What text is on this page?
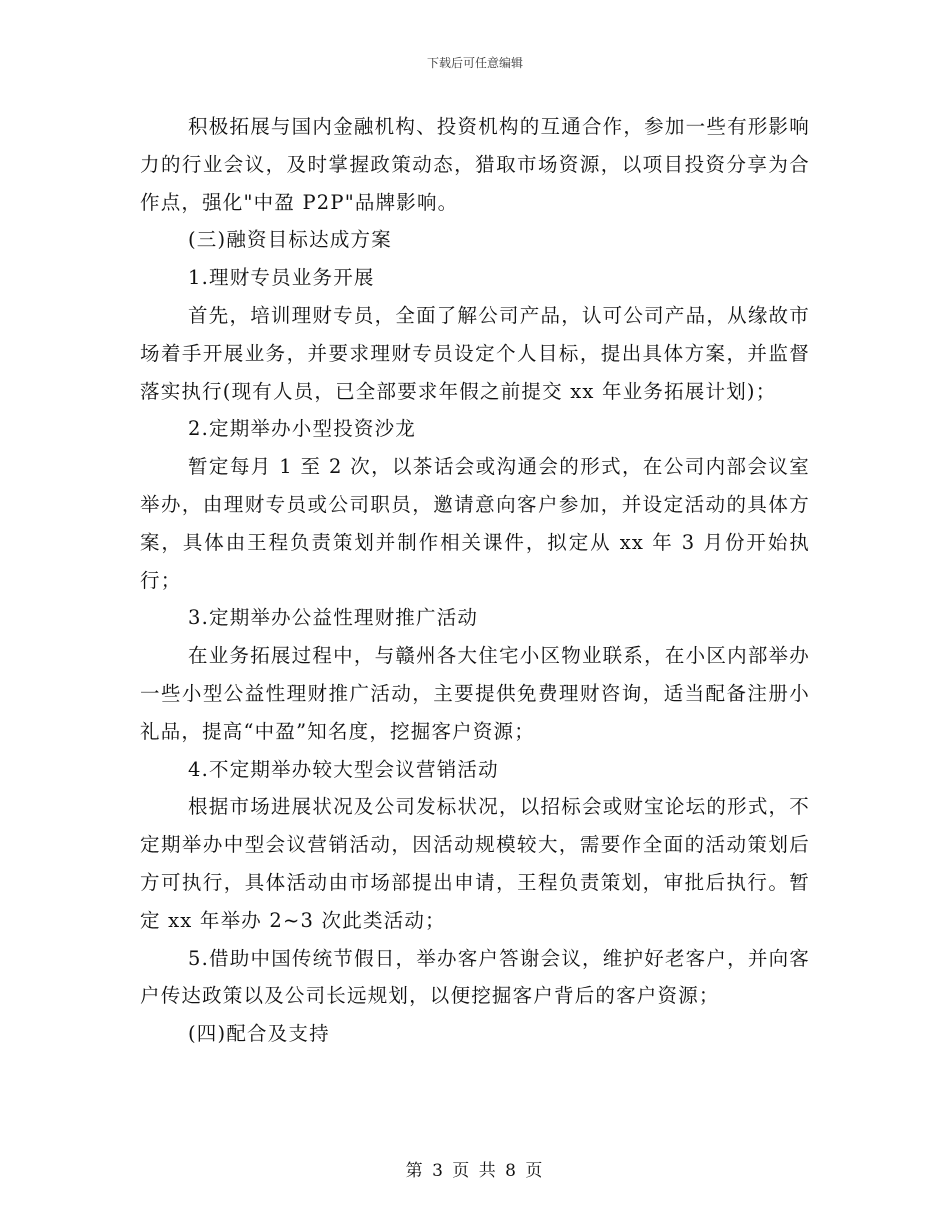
下载后可任意编辑

积极拓展与国内金融机构、投资机构的互通合作，参加一些有形影响力的行业会议，及时掌握政策动态，猎取市场资源，以项目投资分享为合作点，强化"中盈 P2P"品牌影响。

(三)融资目标达成方案

1.理财专员业务开展

首先，培训理财专员，全面了解公司产品，认可公司产品，从缘故市场着手开展业务，并要求理财专员设定个人目标，提出具体方案，并监督落实执行(现有人员，已全部要求年假之前提交 xx 年业务拓展计划)；

2.定期举办小型投资沙龙

暂定每月 1 至 2 次，以茶话会或沟通会的形式，在公司内部会议室举办，由理财专员或公司职员，邀请意向客户参加，并设定活动的具体方案，具体由王程负责策划并制作相关课件，拟定从 xx 年 3 月份开始执行；

3.定期举办公益性理财推广活动

在业务拓展过程中，与赣州各大住宅小区物业联系，在小区内部举办一些小型公益性理财推广活动，主要提供免费理财咨询，适当配备注册小礼品，提高“中盈”知名度，挖掘客户资源；

4.不定期举办较大型会议营销活动

根据市场进展状况及公司发标状况，以招标会或财宝论坛的形式，不定期举办中型会议营销活动，因活动规模较大，需要作全面的活动策划后方可执行，具体活动由市场部提出申请，王程负责策划，审批后执行。暂定 xx 年举办 2~3 次此类活动；

5.借助中国传统节假日，举办客户答谢会议，维护好老客户，并向客户传达政策以及公司长远规划，以便挖掘客户背后的客户资源；

(四)配合及支持

第 3 页 共 8 页
